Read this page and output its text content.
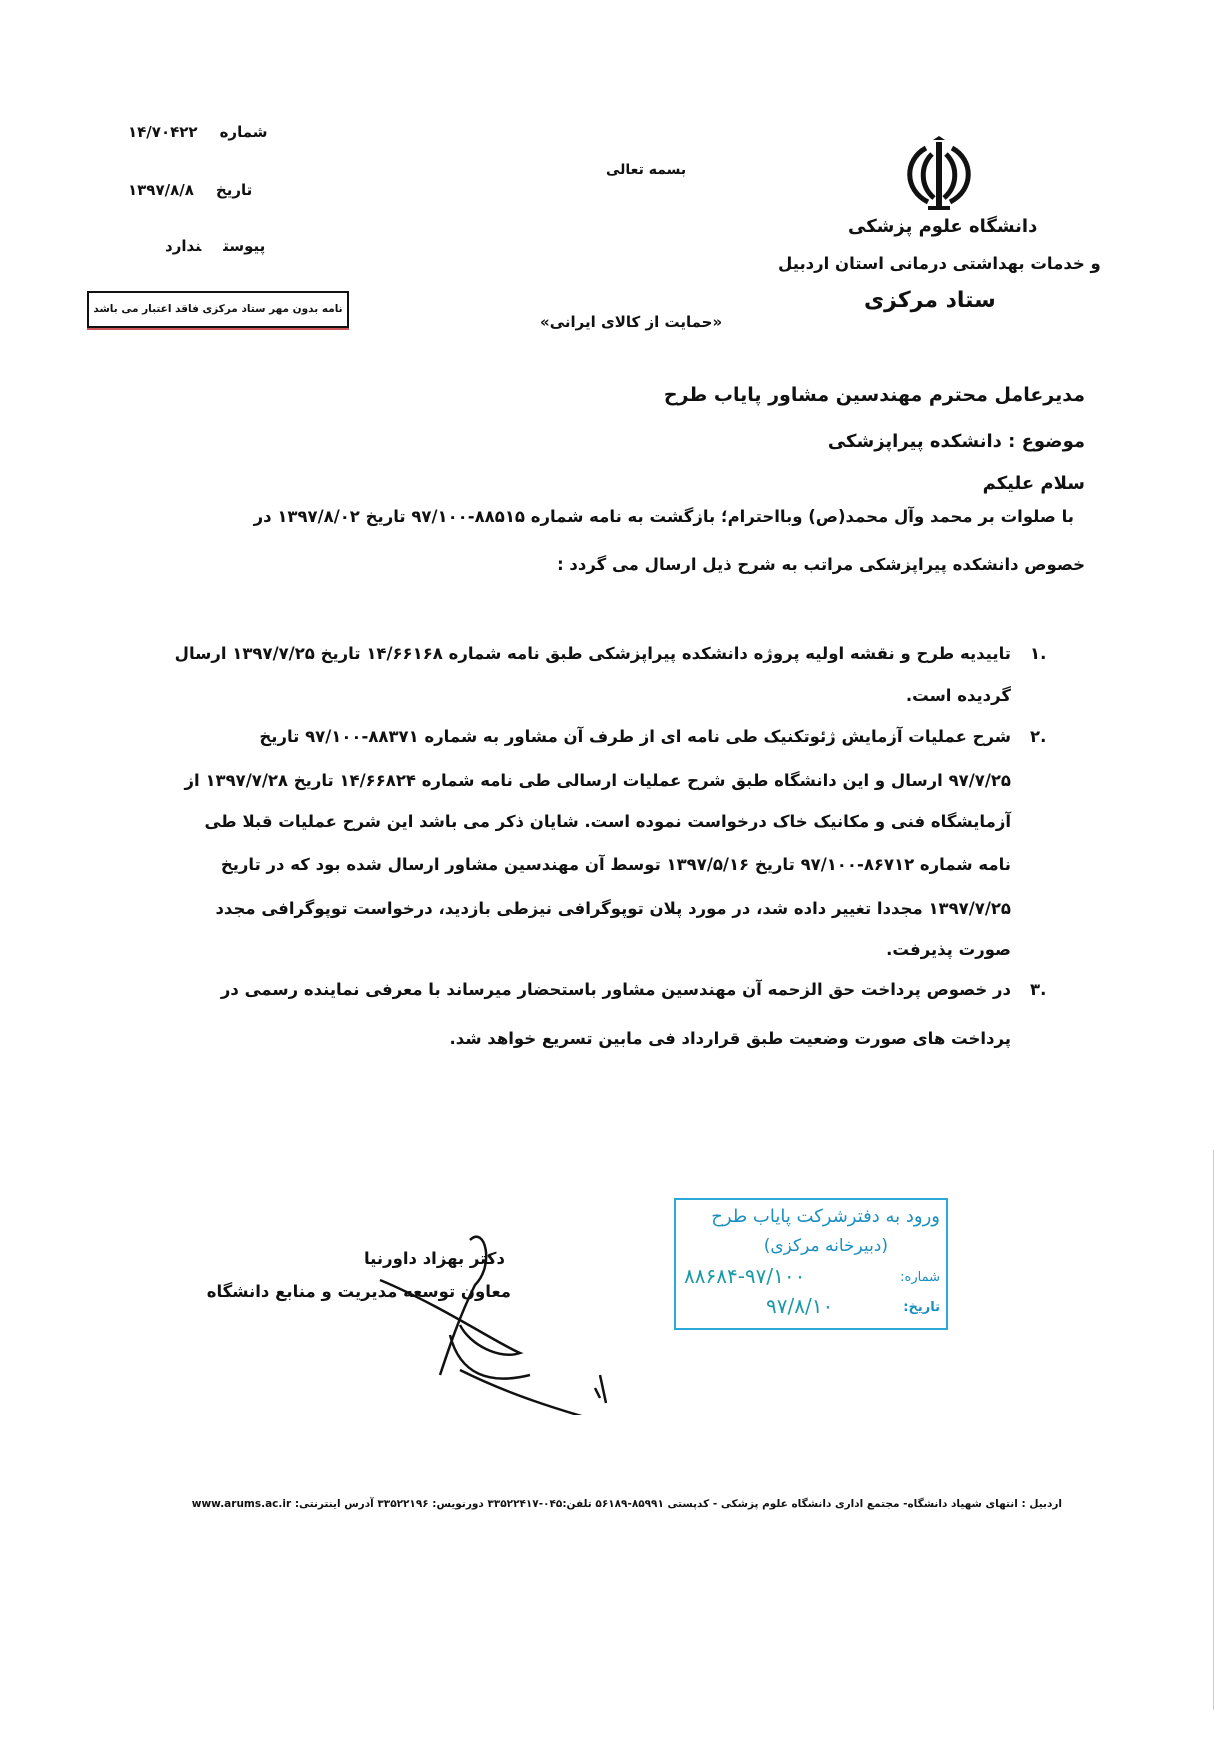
شماره۱۴/۷۰۴۲۲
تاریخ۱۳۹۷/۸/۸
پیوستندارد
نامه بدون مهر ستاد مرکزی فاقد اعتبار می باشد
بسمه تعالی
«حمایت از کالای ایرانی»
دانشگاه علوم پزشکی
و خدمات بهداشتی درمانی استان اردبیل
ستاد مرکزی
مدیرعامل محترم مهندسین مشاور پایاب طرح
موضوع : دانشکده پیراپزشکی
سلام علیکم
با صلوات بر محمد وآل محمد(ص) وبااحترام؛ بازگشت به نامه شماره ۸۸۵۱۵-۹۷/۱۰۰ تاریخ ۱۳۹۷/۸/۰۲ در
خصوص دانشکده پیراپزشکی مراتب به شرح ذیل ارسال می گردد :
۱.
تاییدیه طرح و نقشه اولیه پروژه دانشکده پیراپزشکی طبق نامه شماره ۱۴/۶۶۱۶۸ تاریخ ۱۳۹۷/۷/۲۵ ارسال
گردیده است.
۲.
شرح عملیات آزمایش ژئوتکنیک طی نامه ای از طرف آن مشاور به شماره ۸۸۳۷۱-۹۷/۱۰۰ تاریخ
۹۷/۷/۲۵ ارسال و این دانشگاه طبق شرح عملیات ارسالی طی نامه شماره ۱۴/۶۶۸۲۴ تاریخ ۱۳۹۷/۷/۲۸ از
آزمایشگاه فنی و مکانیک خاک درخواست نموده است. شایان ذکر می باشد این شرح عملیات قبلا طی
نامه شماره ۸۶۷۱۲-۹۷/۱۰۰ تاریخ ۱۳۹۷/۵/۱۶ توسط آن مهندسین مشاور ارسال شده بود که در تاریخ
۱۳۹۷/۷/۲۵ مجددا تغییر داده شد، در مورد پلان توپوگرافی نیزطی بازدید، درخواست توپوگرافی مجدد
صورت پذیرفت.
۳.
در خصوص پرداخت حق الزحمه آن مهندسین مشاور باستحضار میرساند با معرفی نماینده رسمی در
پرداخت های صورت وضعیت طبق قرارداد فی مابین تسریع خواهد شد.
دکتر بهزاد داورنیا
معاون توسعه مدیریت و منابع دانشگاه
ورود به دفترشرکت پایاب طرح
(دبیرخانه مرکزی)
شماره:
۸۸۶۸۴-۹۷/۱۰۰
تاریخ:
۹۷/۸/۱۰
اردبیل : انتهای شهیاد دانشگاه- مجتمع اداری دانشگاه علوم پزشکی - کدپستی ۸۵۹۹۱-۵۶۱۸۹ تلفن:۰۴۵-۳۳۵۲۲۴۱۷ دورنویس: ۳۳۵۲۲۱۹۶ آدرس اینترنتی: www.arums.ac.ir
